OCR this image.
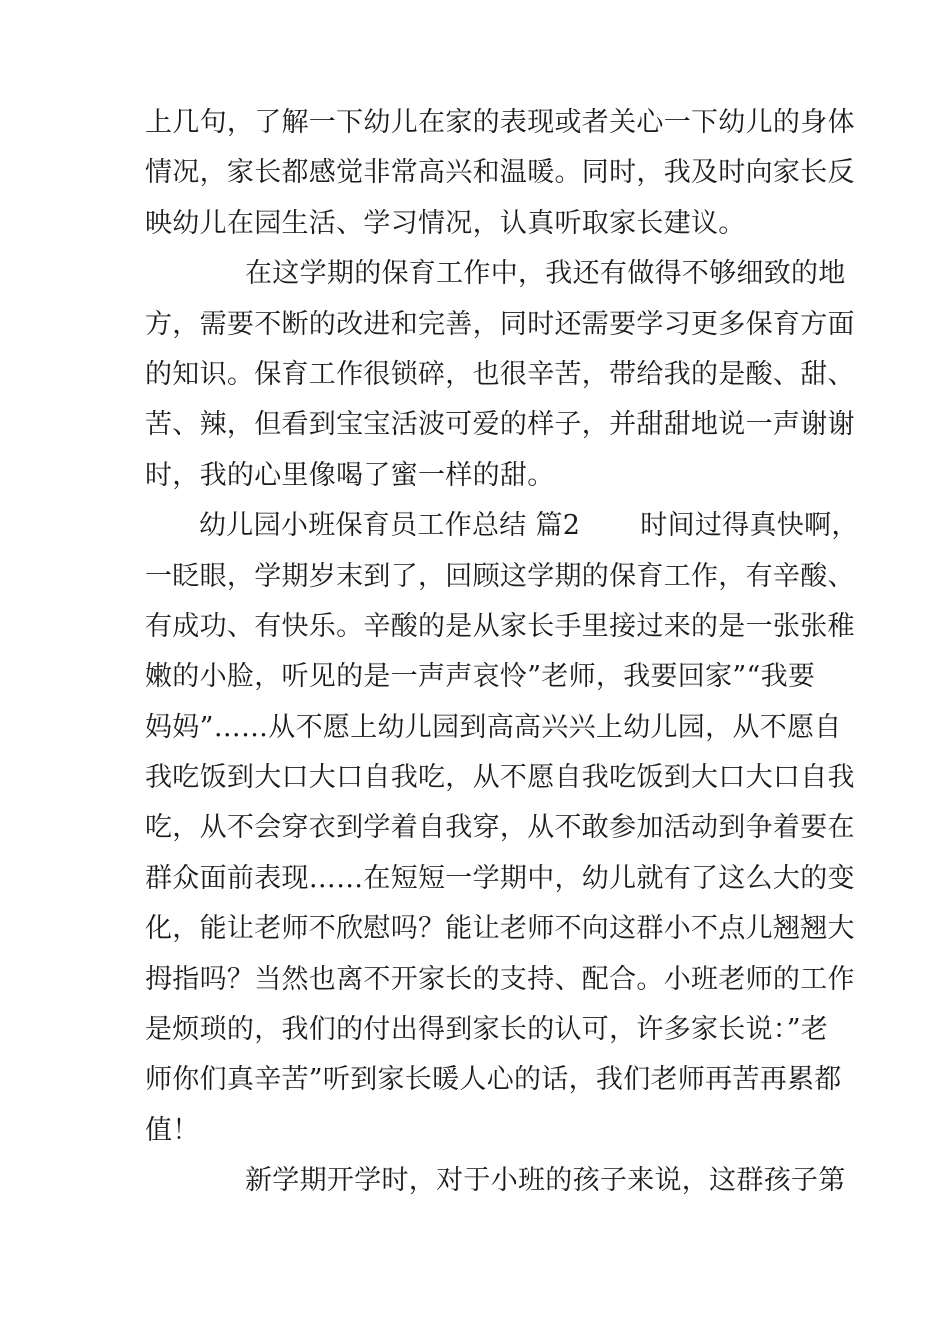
上几句，了解一下幼儿在家的表现或者关心一下幼儿的身体
情况，家长都感觉非常高兴和温暖。同时，我及时向家长反
映幼儿在园生活、学习情况，认真听取家长建议。
在这学期的保育工作中，我还有做得不够细致的地
方，需要不断的改进和完善，同时还需要学习更多保育方面
的知识。保育工作很锁碎，也很辛苦，带给我的是酸、甜、
苦、辣，但看到宝宝活波可爱的样子，并甜甜地说一声谢谢
时，我的心里像喝了蜜一样的甜。
幼儿园小班保育员工作总结 篇2 时间过得真快啊，
一眨眼，学期岁末到了，回顾这学期的保育工作，有辛酸、
有成功、有快乐。辛酸的是从家长手里接过来的是一张张稚
嫩的小脸，听见的是一声声哀怜”老师，我要回家”“我要
妈妈”……从不愿上幼儿园到高高兴兴上幼儿园，从不愿自
我吃饭到大口大口自我吃，从不愿自我吃饭到大口大口自我
吃，从不会穿衣到学着自我穿，从不敢参加活动到争着要在
群众面前表现……在短短一学期中，幼儿就有了这么大的变
化，能让老师不欣慰吗？能让老师不向这群小不点儿翘翘大
拇指吗？当然也离不开家长的支持、配合。小班老师的工作
是烦琐的，我们的付出得到家长的认可，许多家长说：”老
师你们真辛苦”听到家长暖人心的话，我们老师再苦再累都
值！
新学期开学时，对于小班的孩子来说，这群孩子第
